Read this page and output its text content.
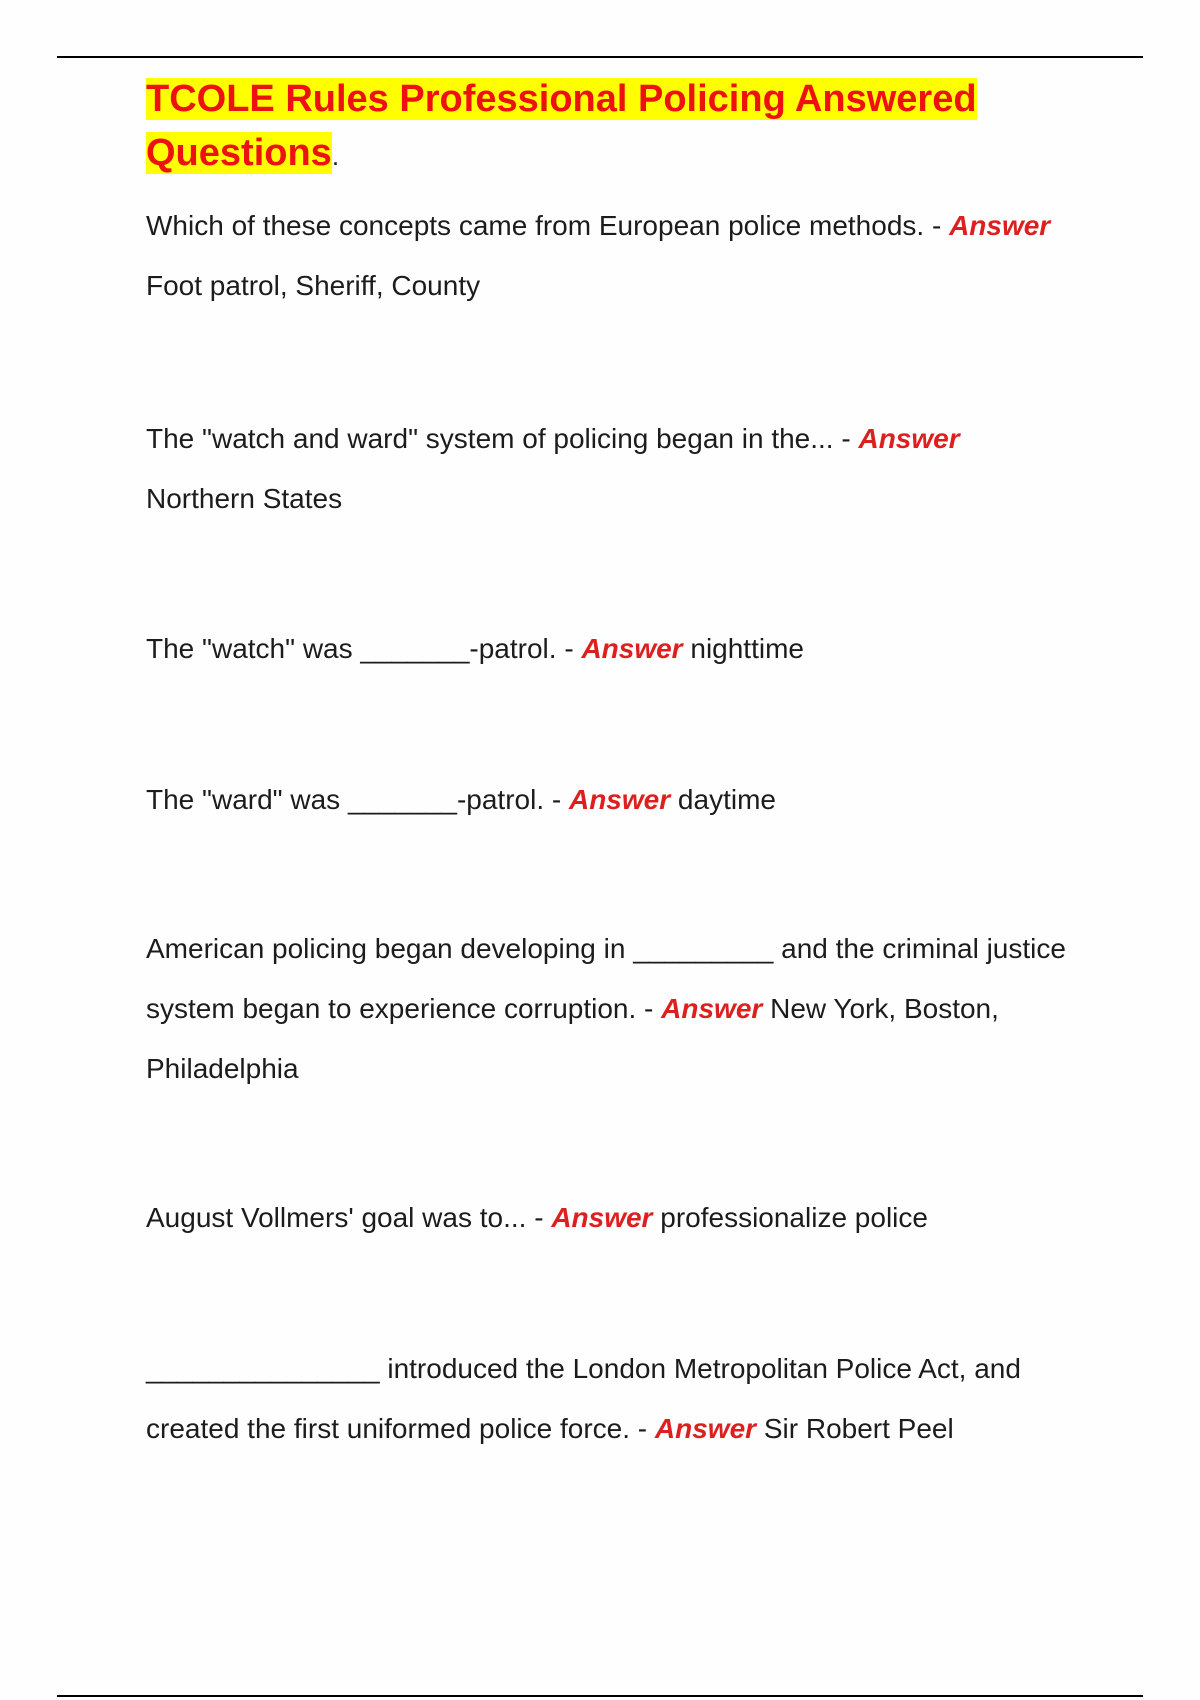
TCOLE Rules Professional Policing Answered Questions.

Which of these concepts came from European police methods. - Answer Foot patrol, Sheriff, County

The "watch and ward" system of policing began in the... - Answer Northern States

The "watch" was _______-patrol. - Answer nighttime

The "ward" was _______-patrol. - Answer daytime

American policing began developing in _________ and the criminal justice system began to experience corruption. - Answer New York, Boston, Philadelphia

August Vollmers' goal was to... - Answer professionalize police

_______________ introduced the London Metropolitan Police Act, and created the first uniformed police force. - Answer Sir Robert Peel
